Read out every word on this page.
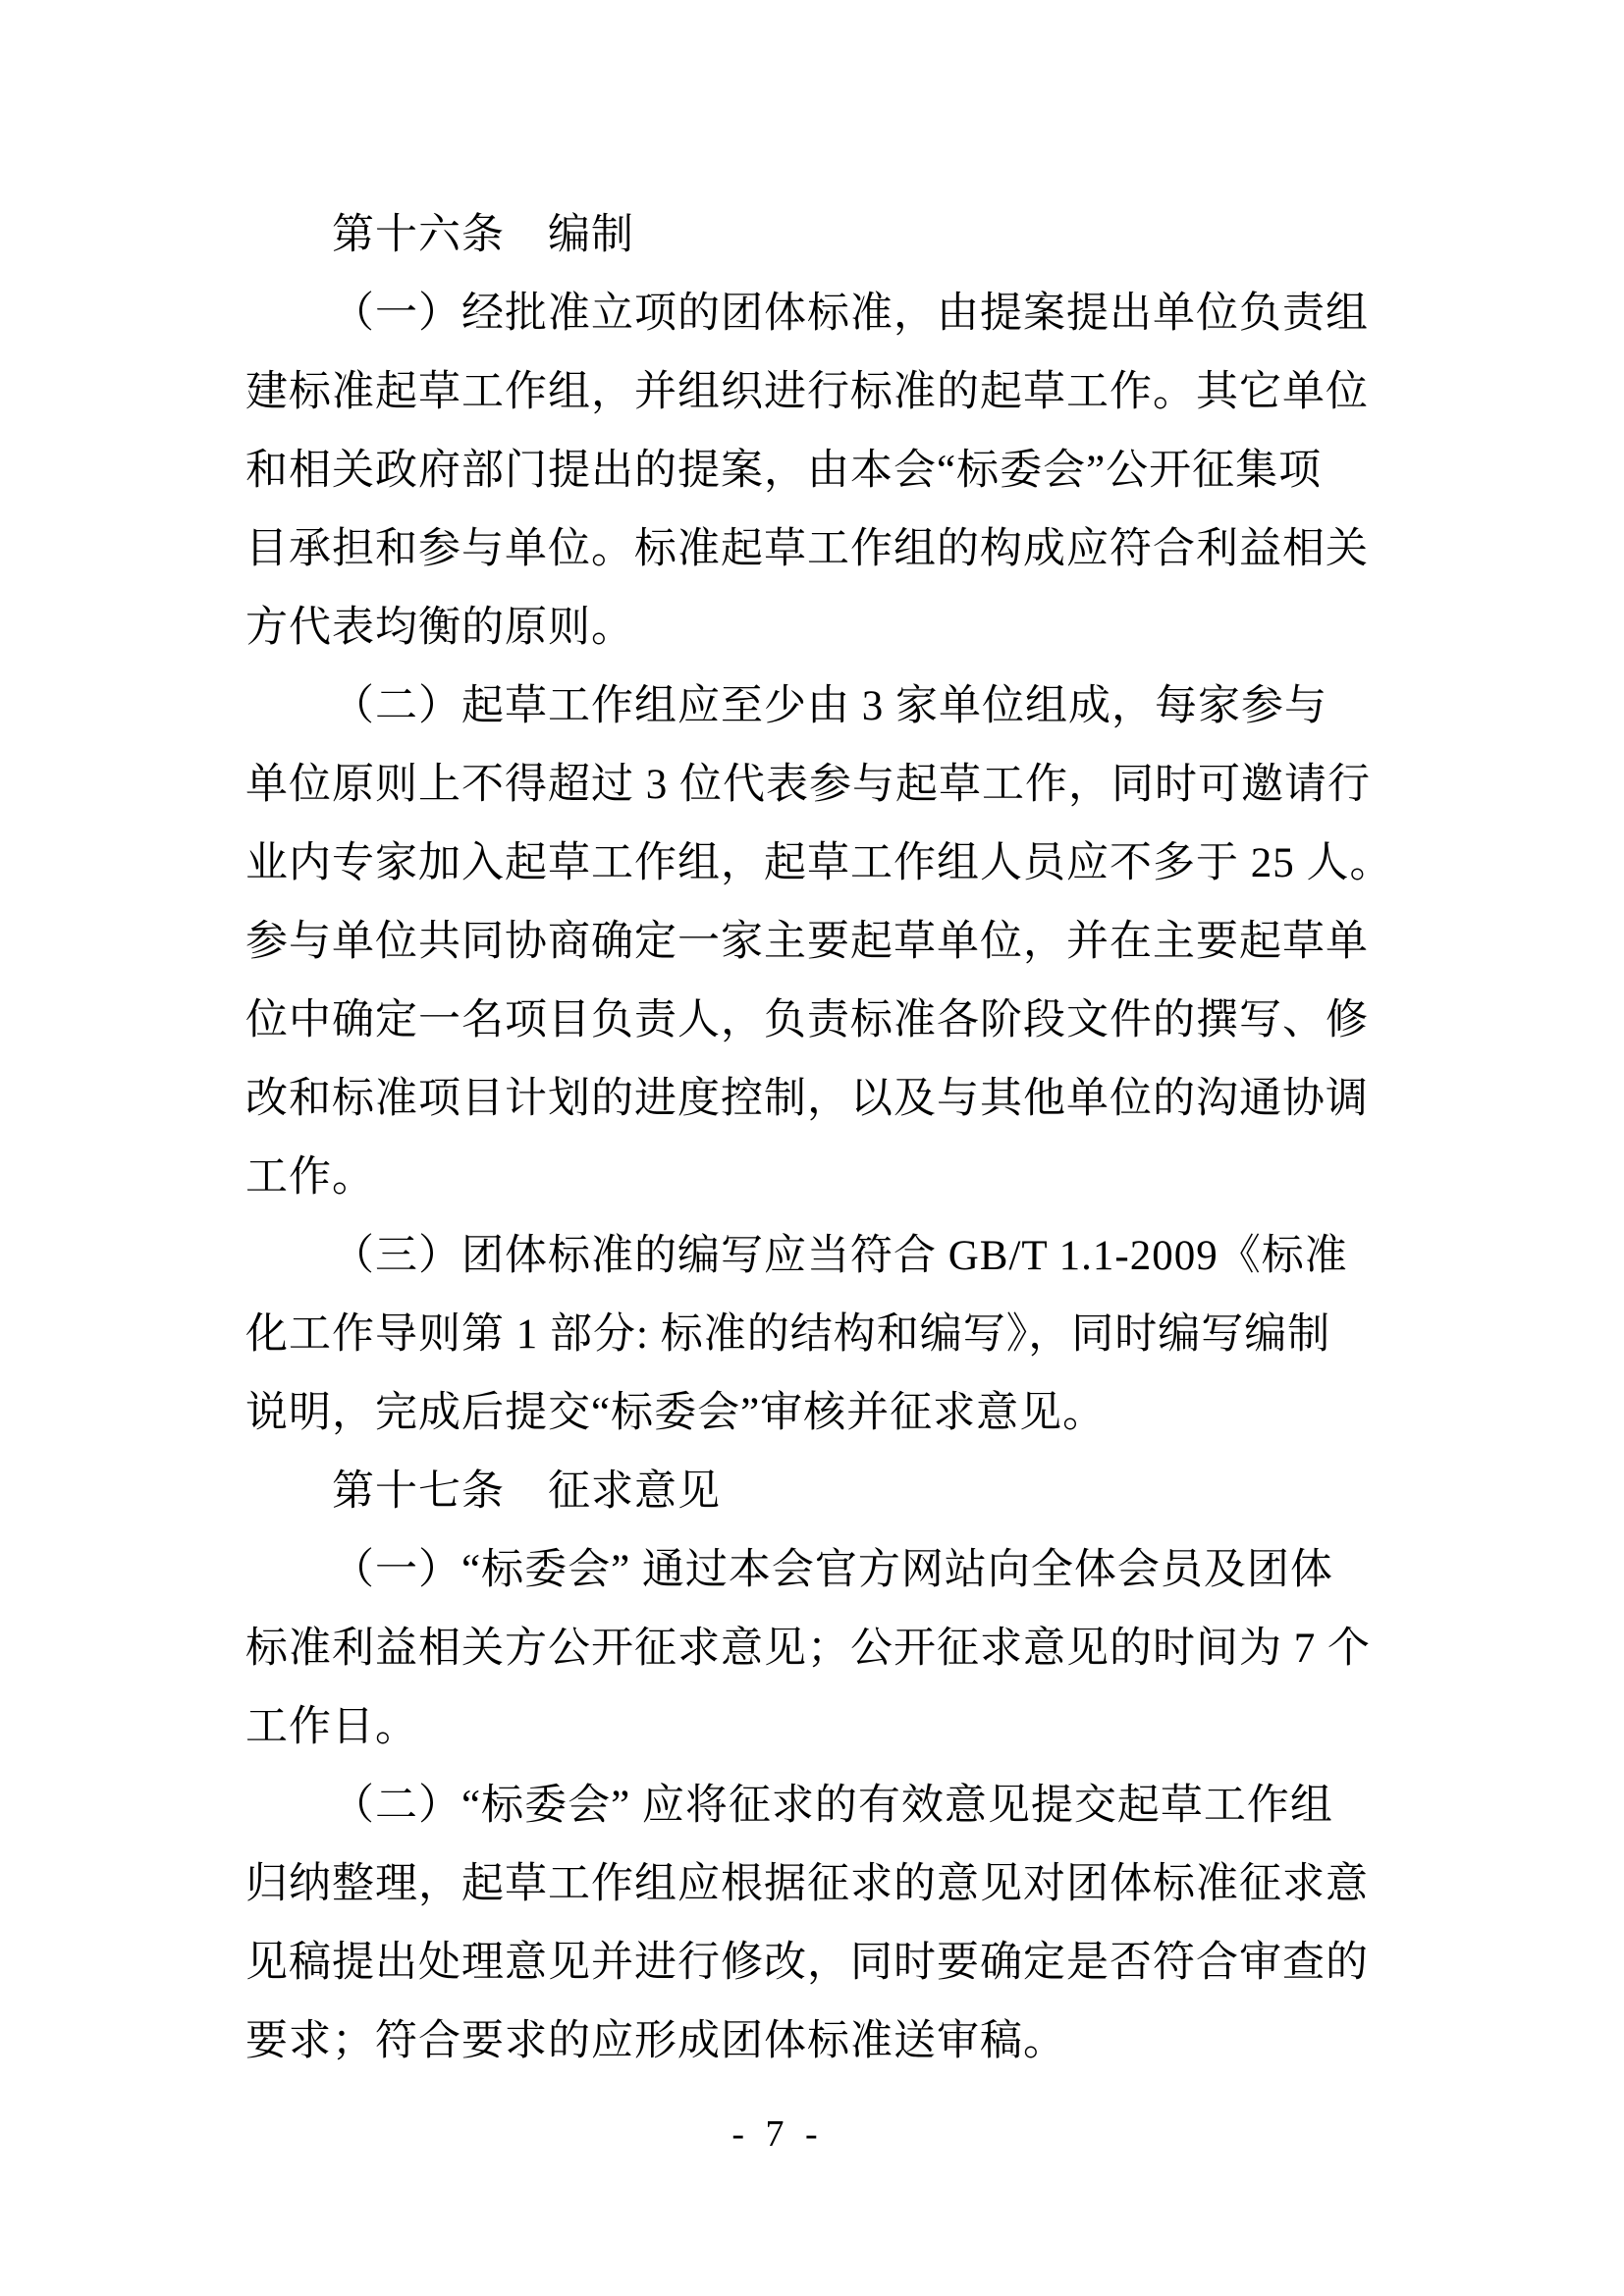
第十六条　编制
（一）经批准立项的团体标准，由提案提出单位负责组
建标准起草工作组，并组织进行标准的起草工作。其它单位
和相关政府部门提出的提案，由本会“标委会”公开征集项
目承担和参与单位。标准起草工作组的构成应符合利益相关
方代表均衡的原则。
（二）起草工作组应至少由 3 家单位组成，每家参与
单位原则上不得超过 3 位代表参与起草工作，同时可邀请行
业内专家加入起草工作组，起草工作组人员应不多于 25 人。
参与单位共同协商确定一家主要起草单位，并在主要起草单
位中确定一名项目负责人，负责标准各阶段文件的撰写、修
改和标准项目计划的进度控制，以及与其他单位的沟通协调
工作。
（三）团体标准的编写应当符合 GB/T 1.1-2009《标准
化工作导则第 1 部分: 标准的结构和编写》，同时编写编制
说明，完成后提交“标委会”审核并征求意见。
第十七条　征求意见
（一）“标委会” 通过本会官方网站向全体会员及团体
标准利益相关方公开征求意见；公开征求意见的时间为 7 个
工作日。
（二）“标委会” 应将征求的有效意见提交起草工作组
归纳整理，起草工作组应根据征求的意见对团体标准征求意
见稿提出处理意见并进行修改，同时要确定是否符合审查的
要求；符合要求的应形成团体标准送审稿。
- 7 -
